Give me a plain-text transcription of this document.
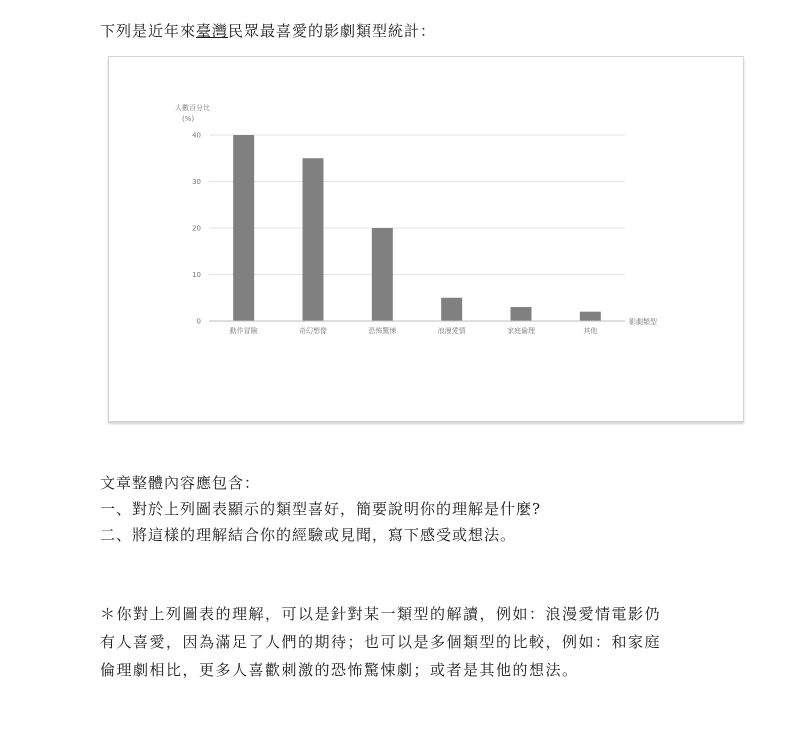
下列是近年來臺灣民眾最喜愛的影劇類型統計：
0
10
20
30
40
動作冒險	奇幻想像	恐怖驚悚	浪漫愛情	家庭倫理	其他
人數百分比
(%)
影劇類型
文章整體內容應包含：
一、對於上列圖表顯示的類型喜好，簡要說明你的理解是什麼?
二、將這樣的理解結合你的經驗或見聞，寫下感受或想法。
＊你對上列圖表的理解，可以是針對某一類型的解讀，例如：浪漫愛情電影仍
有人喜愛，因為滿足了人們的期待；也可以是多個類型的比較，例如：和家庭
倫理劇相比，更多人喜歡刺激的恐怖驚悚劇；或者是其他的想法。
